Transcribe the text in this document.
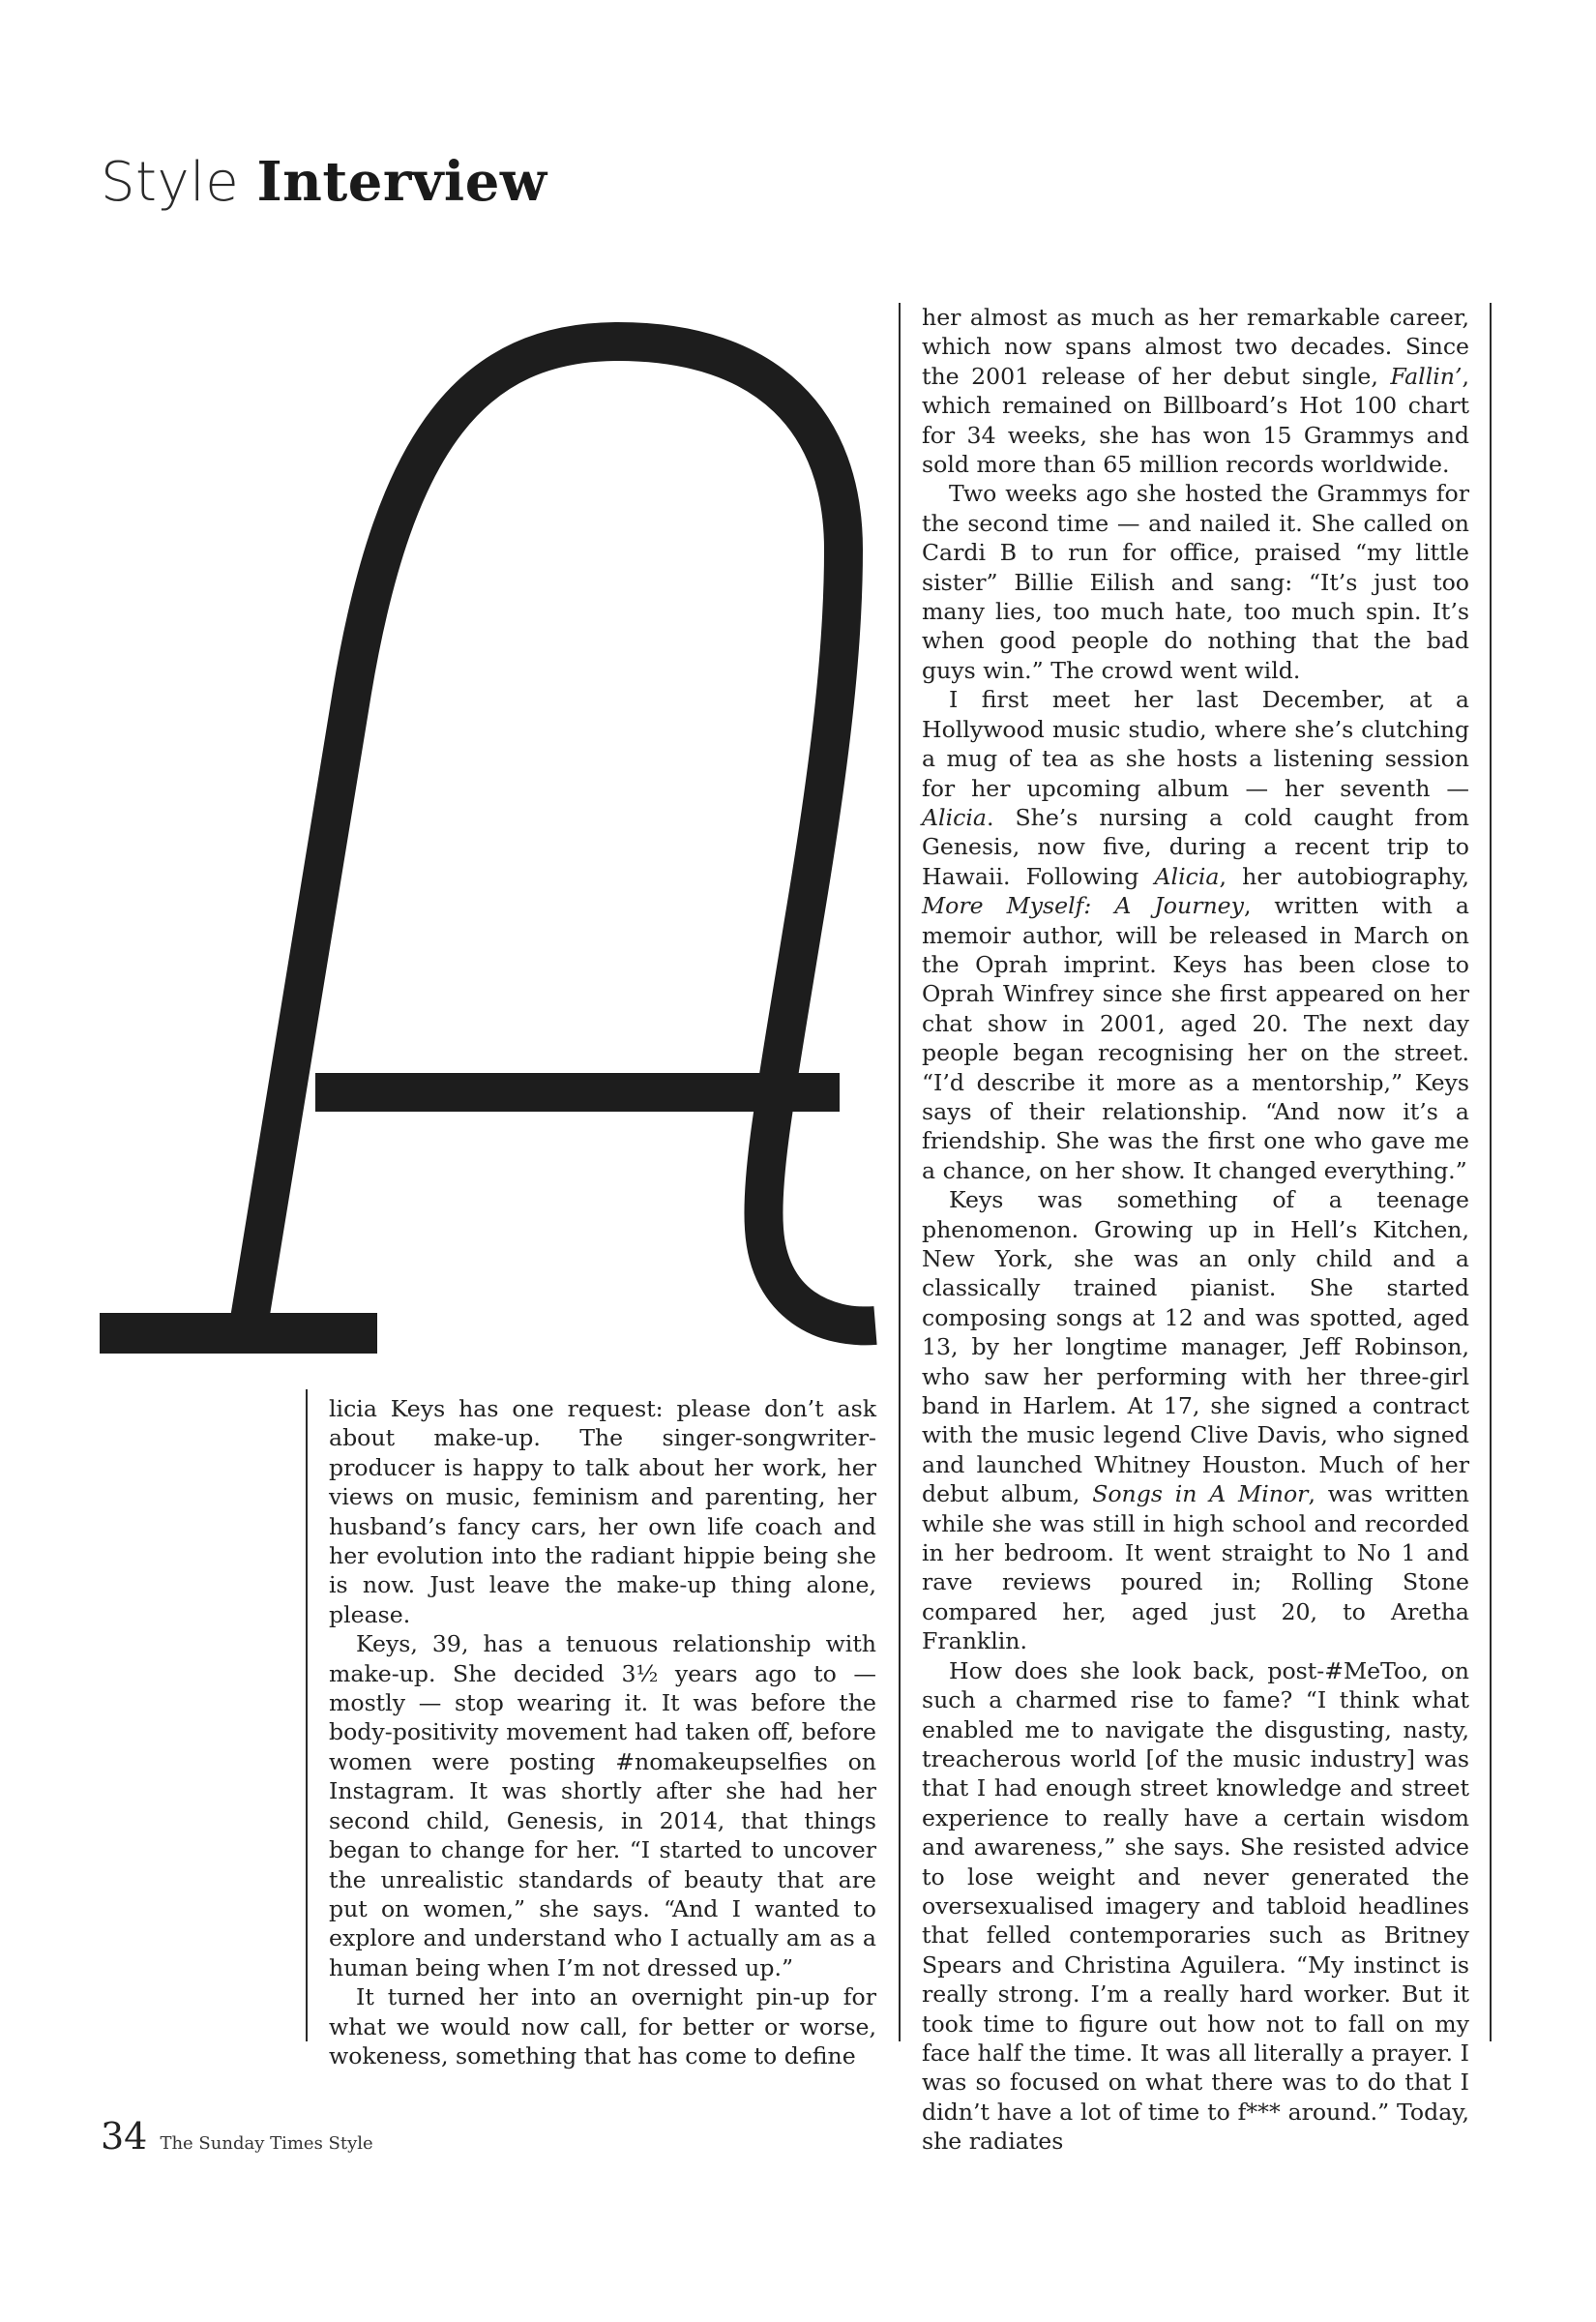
Style Interview

licia Keys has one request: please don’t ask about make-up. The singer-songwriter-producer is happy to talk about her work, her views on music, feminism and parenting, her husband’s fancy cars, her own life coach and her evolution into the radiant hippie being she is now. Just leave the make-up thing alone, please.

Keys, 39, has a tenuous relationship with make-up. She decided 3½ years ago to — mostly — stop wearing it. It was before the body-positivity movement had taken off, before women were posting #nomakeupselfies on Instagram. It was shortly after she had her second child, Genesis, in 2014, that things began to change for her. “I started to uncover the unrealistic standards of beauty that are put on women,” she says. “And I wanted to explore and understand who I actually am as a human being when I’m not dressed up.”

It turned her into an overnight pin-up for what we would now call, for better or worse, wokeness, something that has come to define

her almost as much as her remarkable career, which now spans almost two decades. Since the 2001 release of her debut single, Fallin’, which remained on Billboard’s Hot 100 chart for 34 weeks, she has won 15 Grammys and sold more than 65 million records worldwide.

Two weeks ago she hosted the Grammys for the second time — and nailed it. She called on Cardi B to run for office, praised “my little sister” Billie Eilish and sang: “It’s just too many lies, too much hate, too much spin. It’s when good people do nothing that the bad guys win.” The crowd went wild.

I first meet her last December, at a Hollywood music studio, where she’s clutching a mug of tea as she hosts a listening session for her upcoming album — her seventh — Alicia. She’s nursing a cold caught from Genesis, now five, during a recent trip to Hawaii. Following Alicia, her autobiography, More Myself: A Journey, written with a memoir author, will be released in March on the Oprah imprint. Keys has been close to Oprah Winfrey since she first appeared on her chat show in 2001, aged 20. The next day people began recognising her on the street. “I’d describe it more as a mentorship,” Keys says of their relationship. “And now it’s a friendship. She was the first one who gave me a chance, on her show. It changed everything.”

Keys was something of a teenage phenomenon. Growing up in Hell’s Kitchen, New York, she was an only child and a classically trained pianist. She started composing songs at 12 and was spotted, aged 13, by her longtime manager, Jeff Robinson, who saw her performing with her three-girl band in Harlem. At 17, she signed a contract with the music legend Clive Davis, who signed and launched Whitney Houston. Much of her debut album, Songs in A Minor, was written while she was still in high school and recorded in her bedroom. It went straight to No 1 and rave reviews poured in; Rolling Stone compared her, aged just 20, to Aretha Franklin.

How does she look back, post-#MeToo, on such a charmed rise to fame? “I think what enabled me to navigate the disgusting, nasty, treacherous world [of the music industry] was that I had enough street knowledge and street experience to really have a certain wisdom and awareness,” she says. She resisted advice to lose weight and never generated the oversexualised imagery and tabloid headlines that felled contemporaries such as Britney Spears and Christina Aguilera. “My instinct is really strong. I’m a really hard worker. But it took time to figure out how not to fall on my face half the time. It was all literally a prayer. I was so focused on what there was to do that I didn’t have a lot of time to f*** around.” Today, she radiates

34 The Sunday Times Style
